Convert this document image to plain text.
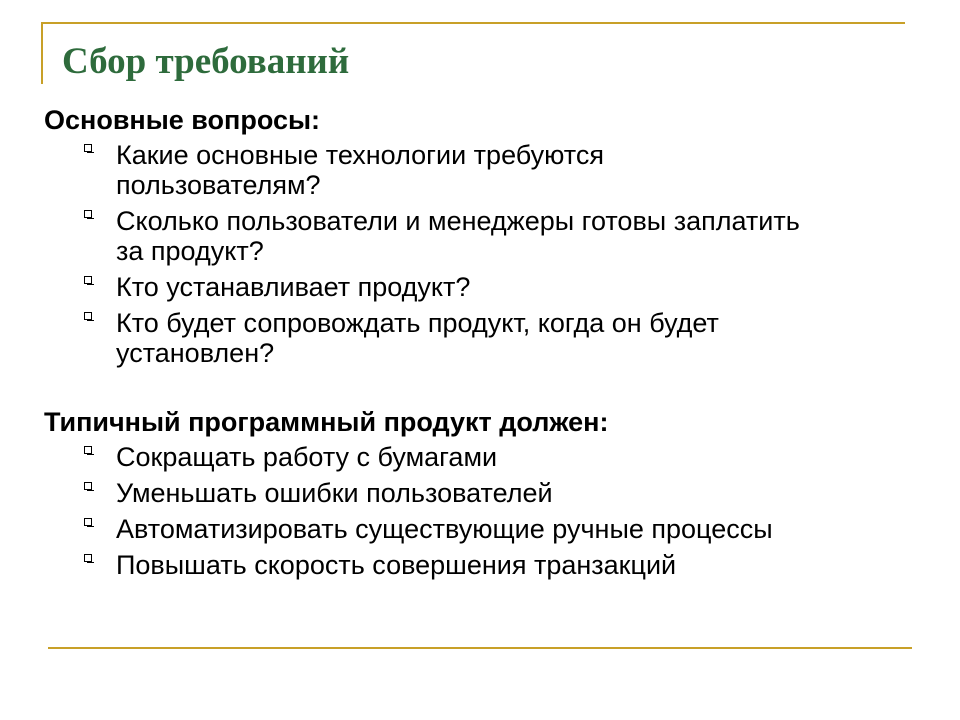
Сбор требований
Основные вопросы:
Какие основные технологии требуются пользователям?
Сколько пользователи и менеджеры готовы заплатить за продукт?
Кто устанавливает продукт?
Кто будет сопровождать продукт, когда он будет установлен?
Типичный программный продукт должен:
Сокращать работу с бумагами
Уменьшать ошибки пользователей
Автоматизировать существующие ручные процессы
Повышать скорость совершения транзакций
